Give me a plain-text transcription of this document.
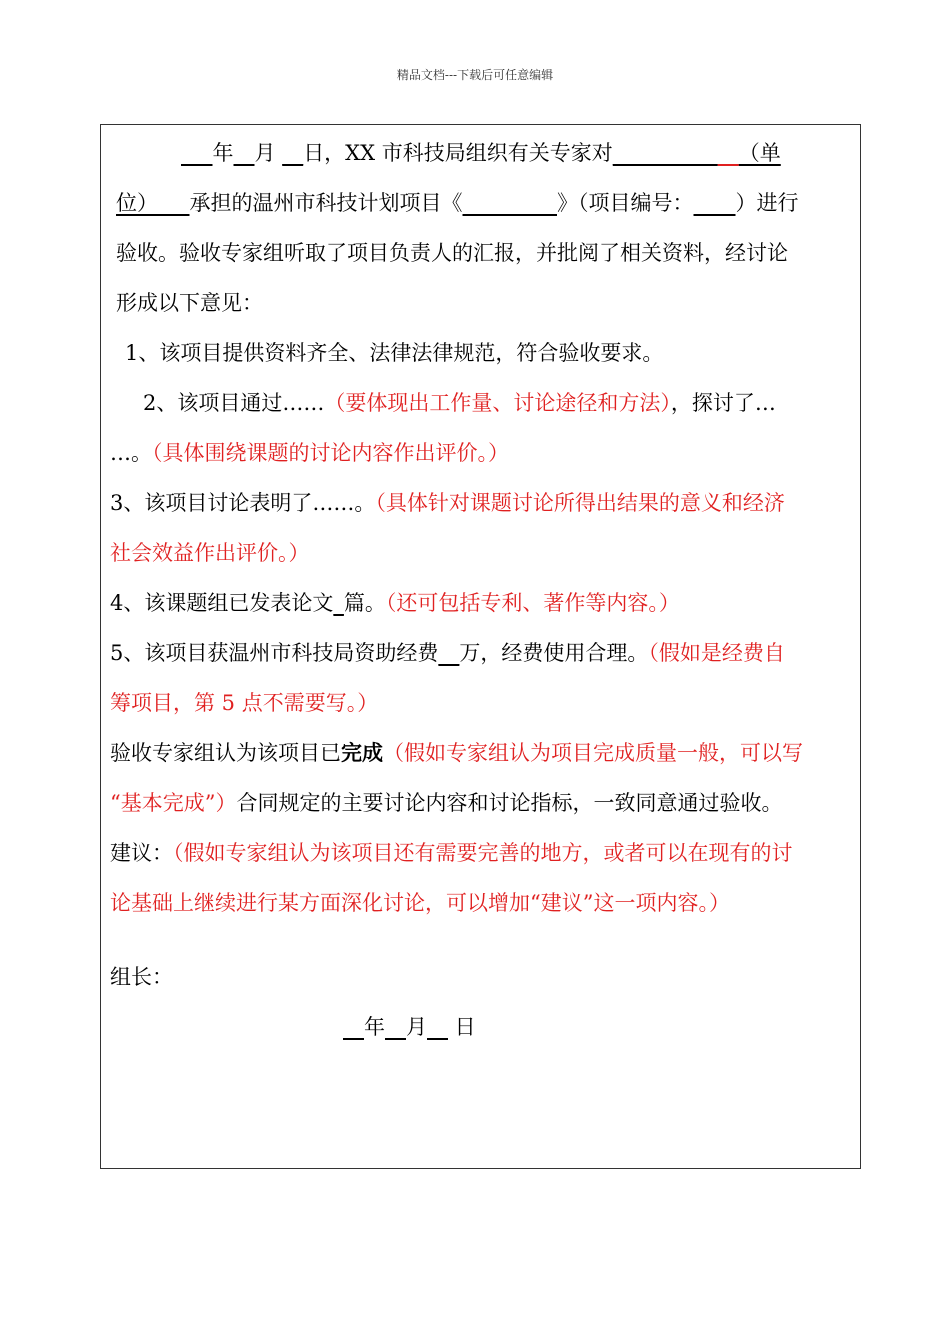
精品文档---下载后可任意编辑
___年__月 __日，XX 市科技局组织有关专家对____________（单
位）___承担的温州市科技计划项目《_________》（项目编号：____）进行
验收。验收专家组听取了项目负责人的汇报，并批阅了相关资料，经讨论
形成以下意见：
1、该项目提供资料齐全、法律法律规范，符合验收要求。
2、该项目通过……（要体现出工作量、讨论途径和方法），探讨了…
…。（具体围绕课题的讨论内容作出评价。）
3、该项目讨论表明了……。（具体针对课题讨论所得出结果的意义和经济
社会效益作出评价。）
4、该课题组已发表论文_篇。（还可包括专利、著作等内容。）
5、该项目获温州市科技局资助经费__万，经费使用合理。（假如是经费自
筹项目，第 5 点不需要写。）
验收专家组认为该项目已完成（假如专家组认为项目完成质量一般，可以写
“基本完成”）合同规定的主要讨论内容和讨论指标，一致同意通过验收。
建议：（假如专家组认为该项目还有需要完善的地方，或者可以在现有的讨
论基础上继续进行某方面深化讨论，可以增加“建议”这一项内容。）
组长：
__年__月__ 日
